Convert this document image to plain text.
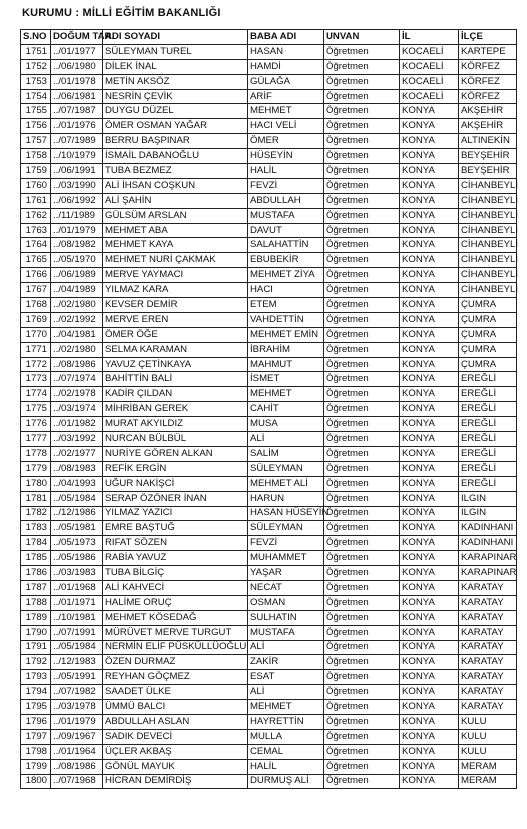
KURUMU : MİLLİ EĞİTİM BAKANLIĞI
S.NO	DOĞUM TAR.	ADI SOYADI	BABA ADI	UNVAN	İL	İLÇE
1751	../01/1977	SÜLEYMAN TUREL	HASAN	Öğretmen	KOCAELİ	KARTEPE
1752	../06/1980	DİLEK İNAL	HAMDİ	Öğretmen	KOCAELİ	KÖRFEZ
1753	../01/1978	METİN AKSÖZ	GÜLAĞA	Öğretmen	KOCAELİ	KÖRFEZ
1754	../06/1981	NESRİN ÇEVİK	ARİF	Öğretmen	KOCAELİ	KÖRFEZ
1755	../07/1987	DUYGU DÜZEL	MEHMET	Öğretmen	KONYA	AKŞEHİR
1756	../01/1976	ÖMER OSMAN YAĞAR	HACI VELİ	Öğretmen	KONYA	AKŞEHİR
1757	../07/1989	BERRU BAŞPINAR	ÖMER	Öğretmen	KONYA	ALTINEKİN
1758	../10/1979	İSMAİL DABANOĞLU	HÜSEYİN	Öğretmen	KONYA	BEYŞEHİR
1759	../06/1991	TUBA BEZMEZ	HALİL	Öğretmen	KONYA	BEYŞEHİR
1760	../03/1990	ALİ İHSAN COŞKUN	FEVZİ	Öğretmen	KONYA	CİHANBEYLİ
1761	../06/1992	ALİ ŞAHİN	ABDULLAH	Öğretmen	KONYA	CİHANBEYLİ
1762	../11/1989	GÜLSÜM ARSLAN	MUSTAFA	Öğretmen	KONYA	CİHANBEYLİ
1763	../01/1979	MEHMET ABA	DAVUT	Öğretmen	KONYA	CİHANBEYLİ
1764	../08/1982	MEHMET KAYA	SALAHATTİN	Öğretmen	KONYA	CİHANBEYLİ
1765	../05/1970	MEHMET NURİ ÇAKMAK	EBUBEKİR	Öğretmen	KONYA	CİHANBEYLİ
1766	../06/1989	MERVE YAYMACI	MEHMET ZİYA	Öğretmen	KONYA	CİHANBEYLİ
1767	../04/1989	YILMAZ KARA	HACI	Öğretmen	KONYA	CİHANBEYLİ
1768	../02/1980	KEVSER DEMİR	ETEM	Öğretmen	KONYA	ÇUMRA
1769	../02/1992	MERVE EREN	VAHDETTİN	Öğretmen	KONYA	ÇUMRA
1770	../04/1981	ÖMER ÖĞE	MEHMET EMİN	Öğretmen	KONYA	ÇUMRA
1771	../02/1980	SELMA KARAMAN	İBRAHİM	Öğretmen	KONYA	ÇUMRA
1772	../08/1986	YAVUZ ÇETİNKAYA	MAHMUT	Öğretmen	KONYA	ÇUMRA
1773	../07/1974	BAHİTTİN BALİ	İSMET	Öğretmen	KONYA	EREĞLİ
1774	../02/1978	KADİR ÇILDAN	MEHMET	Öğretmen	KONYA	EREĞLİ
1775	../03/1974	MİHRİBAN GEREK	CAHİT	Öğretmen	KONYA	EREĞLİ
1776	../01/1982	MURAT AKYILDIZ	MUSA	Öğretmen	KONYA	EREĞLİ
1777	../03/1992	NURCAN BÜLBÜL	ALİ	Öğretmen	KONYA	EREĞLİ
1778	../02/1977	NURİYE GÖREN ALKAN	SALİM	Öğretmen	KONYA	EREĞLİ
1779	../08/1983	REFİK ERGİN	SÜLEYMAN	Öğretmen	KONYA	EREĞLİ
1780	../04/1993	UĞUR NAKİŞCİ	MEHMET ALİ	Öğretmen	KONYA	EREĞLİ
1781	../05/1984	SERAP ÖZÖNER İNAN	HARUN	Öğretmen	KONYA	ILGIN
1782	../12/1986	YILMAZ YAZICI	HASAN HÜSEYİN	Öğretmen	KONYA	ILGIN
1783	../05/1981	EMRE BAŞTUĞ	SÜLEYMAN	Öğretmen	KONYA	KADINHANI
1784	../05/1973	RIFAT SÖZEN	FEVZİ	Öğretmen	KONYA	KADINHANI
1785	../05/1986	RABİA YAVUZ	MUHAMMET	Öğretmen	KONYA	KARAPINAR
1786	../03/1983	TUBA BİLGİÇ	YAŞAR	Öğretmen	KONYA	KARAPINAR
1787	../01/1968	ALİ KAHVECİ	NECAT	Öğretmen	KONYA	KARATAY
1788	../01/1971	HALİME ORUÇ	OSMAN	Öğretmen	KONYA	KARATAY
1789	../10/1981	MEHMET KÖSEDAĞ	SULHATIN	Öğretmen	KONYA	KARATAY
1790	../07/1991	MÜRÜVET MERVE TURGUT	MUSTAFA	Öğretmen	KONYA	KARATAY
1791	../05/1984	NERMİN ELİF PÜSKÜLLÜOĞLU	ALİ	Öğretmen	KONYA	KARATAY
1792	../12/1983	ÖZEN DURMAZ	ZAKİR	Öğretmen	KONYA	KARATAY
1793	../05/1991	REYHAN GÖÇMEZ	ESAT	Öğretmen	KONYA	KARATAY
1794	../07/1982	SAADET ÜLKE	ALİ	Öğretmen	KONYA	KARATAY
1795	../03/1978	ÜMMÜ BALCI	MEHMET	Öğretmen	KONYA	KARATAY
1796	../01/1979	ABDULLAH ASLAN	HAYRETTİN	Öğretmen	KONYA	KULU
1797	../09/1967	SADIK DEVECİ	MULLA	Öğretmen	KONYA	KULU
1798	../01/1964	ÜÇLER AKBAŞ	CEMAL	Öğretmen	KONYA	KULU
1799	../08/1986	GÖNÜL MAYUK	HALİL	Öğretmen	KONYA	MERAM
1800	../07/1968	HİCRAN DEMİRDİŞ	DURMUŞ ALİ	Öğretmen	KONYA	MERAM
